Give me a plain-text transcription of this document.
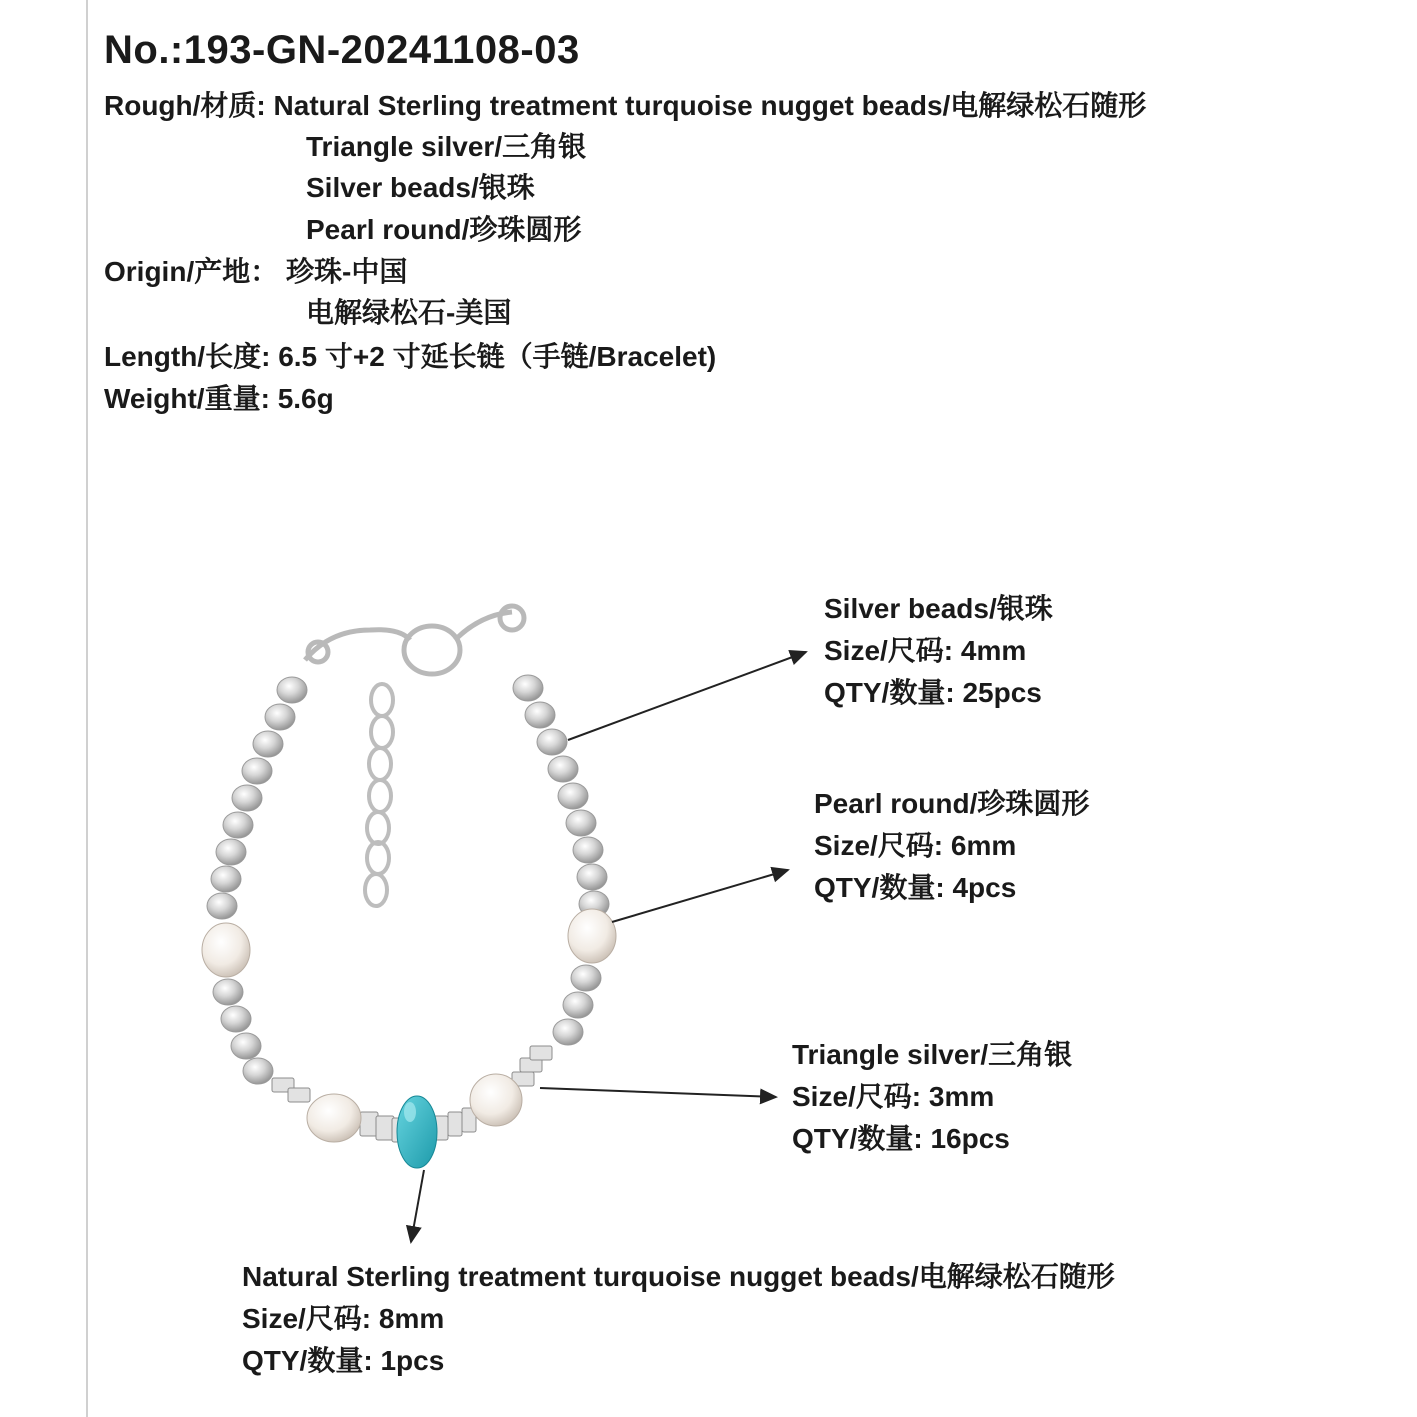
No.:193-GN-20241108-03
Rough/材质: Natural Sterling treatment turquoise nugget beads/电解绿松石随形
Triangle silver/三角银
Silver beads/银珠
Pearl round/珍珠圆形
Origin/产地： 珍珠-中国
电解绿松石-美国
Length/长度: 6.5 寸+2 寸延长链（手链/Bracelet)
Weight/重量: 5.6g
Silver beads/银珠
Size/尺码: 4mm
QTY/数量: 25pcs
Pearl round/珍珠圆形
Size/尺码: 6mm
QTY/数量: 4pcs
Triangle silver/三角银
Size/尺码: 3mm
QTY/数量: 16pcs
Natural Sterling treatment turquoise nugget beads/电解绿松石随形
Size/尺码: 8mm
QTY/数量: 1pcs
